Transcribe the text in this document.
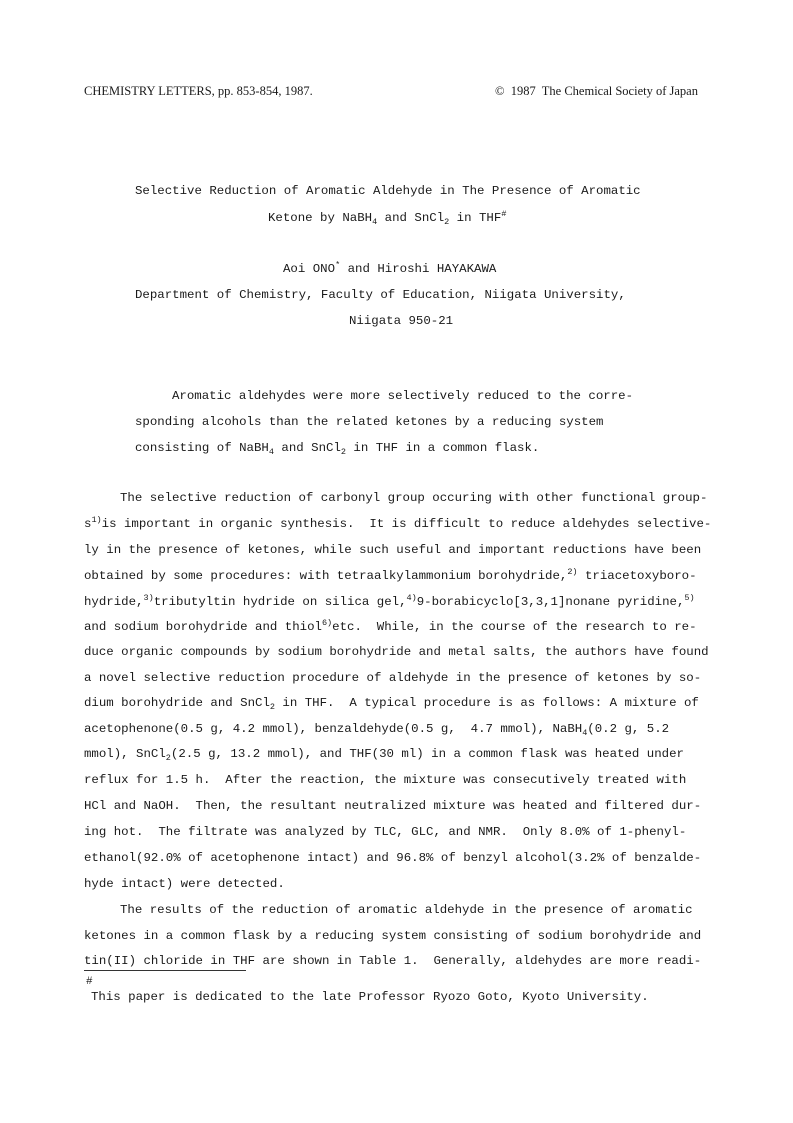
CHEMISTRY LETTERS, pp. 853-854, 1987.	©  1987  The Chemical Society of Japan
Selective Reduction of Aromatic Aldehyde in The Presence of Aromatic
Ketone by NaBH$_4$ and SnCl$_2$ in THF#
Aoi ONO* and Hiroshi HAYAKAWA
Department of Chemistry, Faculty of Education, Niigata University,
Niigata 950-21
Aromatic aldehydes were more selectively reduced to the corre-
sponding alcohols than the related ketones by a reducing system
consisting of NaBH$_4$ and SnCl$_2$ in THF in a common flask.
The selective reduction of carbonyl group occuring with other functional group-
$s^{1)}is$ important in organic synthesis.  It is difficult to reduce aldehydes selective-
ly in the presence of ketones, while such useful and important reductions have been
obtained by some procedures: with tetraalkylammonium borohydride,$^{2)}$ triacetoxyboro-
hydride,$^{3)}$tributyltin hydride on silica gel,$^{4)}$9-borabicyclo[3,3,1]nonane pyridine,$^{5)}$
and sodium borohydride and thiol$^{6)}$etc.  While, in the course of the research to re-
duce organic compounds by sodium borohydride and metal salts, the authors have found
a novel selective reduction procedure of aldehyde in the presence of ketones by so-
dium borohydride and SnCl$_2$ in THF.  A typical procedure is as follows: A mixture of
acetophenone(0.5 g, 4.2 mmol), benzaldehyde(0.5 g,  4.7 mmol), NaBH$_4$(0.2 g, 5.2
mmol), SnCl$_2$(2.5 g, 13.2 mmol), and THF(30 ml) in a common flask was heated under
reflux for 1.5 h.  After the reaction, the mixture was consecutively treated with
HCl and NaOH.  Then, the resultant neutralized mixture was heated and filtered dur-
ing hot.  The filtrate was analyzed by TLC, GLC, and NMR.  Only 8.0% of 1-phenyl-
ethanol(92.0% of acetophenone intact) and 96.8% of benzyl alcohol(3.2% of benzalde-
hyde intact) were detected.
The results of the reduction of aromatic aldehyde in the presence of aromatic
ketones in a common flask by a reducing system consisting of sodium borohydride and
tin(II) chloride in THF are shown in Table 1.  Generally, aldehydes are more readi-
#
This paper is dedicated to the late Professor Ryozo Goto, Kyoto University.
